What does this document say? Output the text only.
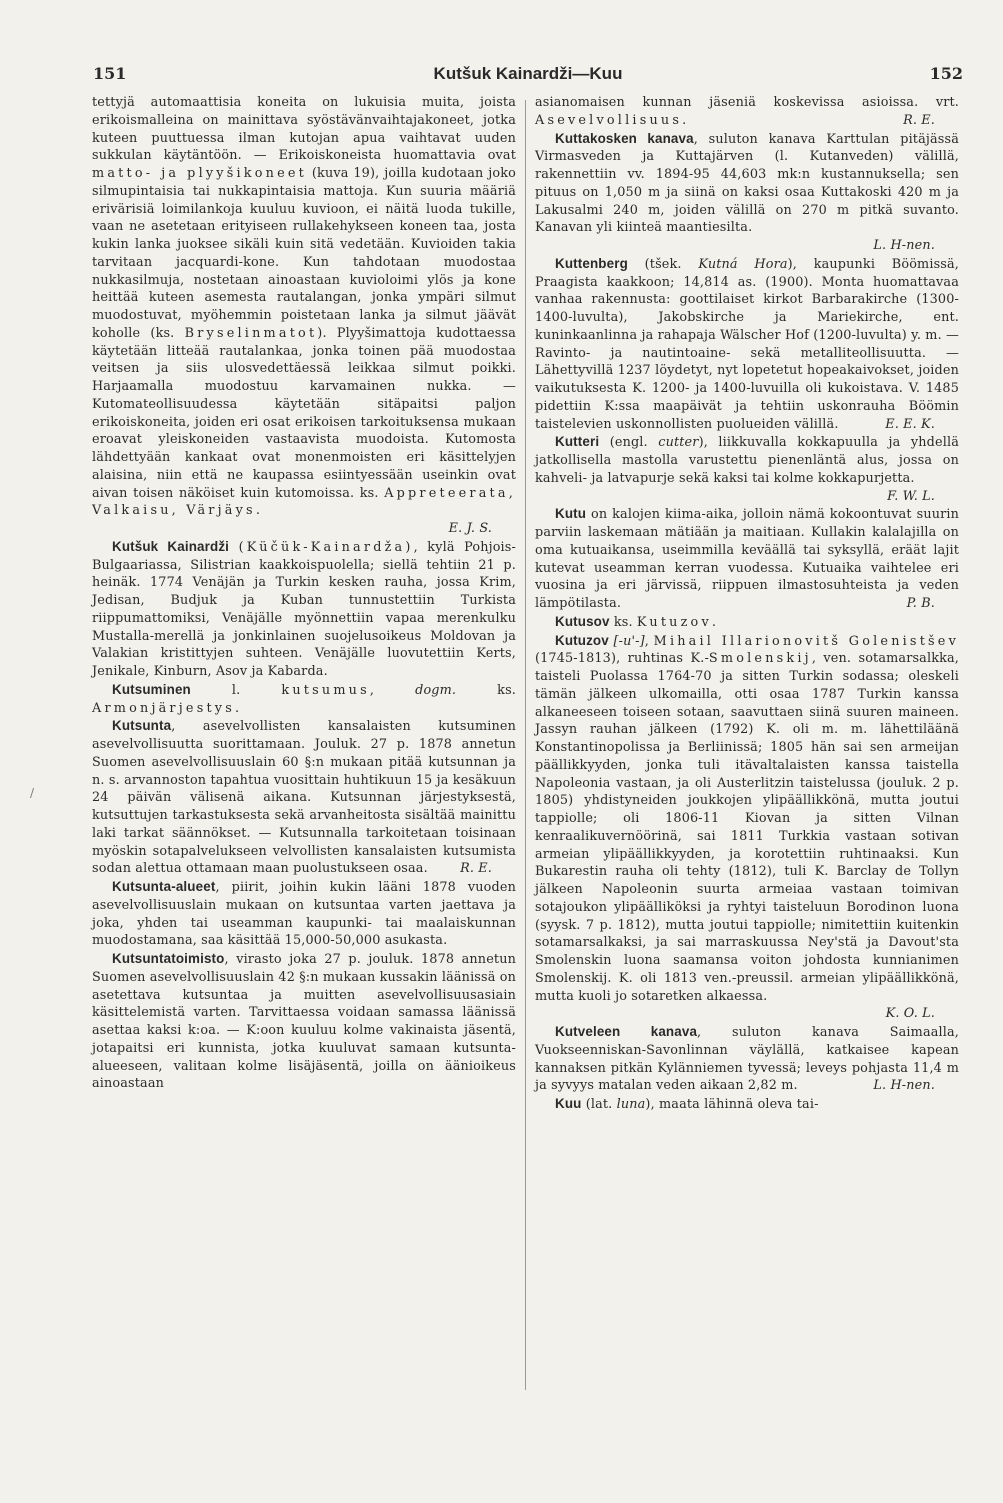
151	Kutšuk Kainardži—Kuu	152
/

tettyjä automaattisia koneita on lukuisia muita, joista erikoismalleina on mainittava syöstävänvaihtajakoneet, jotka kuteen puuttuessa ilman kutojan apua vaihtavat uuden sukkulan käytäntöön. — Erikoiskoneista huomattavia ovat matto- ja plyyšikoneet (kuva 19), joilla kudotaan joko silmupintaisia tai nukkapintaisia mattoja. Kun suuria määriä erivärisiä loimilankoja kuuluu kuvioon, ei näitä luoda tukille, vaan ne asetetaan erityiseen rullakehykseen koneen taa, josta kukin lanka juoksee sikäli kuin sitä vedetään. Kuvioiden takia tarvitaan jacquardi-kone. Kun tahdotaan muodostaa nukkasilmuja, nostetaan ainoastaan kuvioloimi ylös ja kone heittää kuteen asemesta rautalangan, jonka ympäri silmut muodostuvat, myöhemmin poistetaan lanka ja silmut jäävät koholle (ks. Bryselinmatot). Plyyšimattoja kudottaessa käytetään litteää rautalankaa, jonka toinen pää muodostaa veitsen ja siis ulosvedettäessä leikkaa silmut poikki. Harjaamalla muodostuu karvamainen nukka. — Kutomateollisuudessa käytetään sitäpaitsi paljon erikoiskoneita, joiden eri osat erikoisen tarkoituksensa mukaan eroavat yleiskoneiden vastaavista muodoista. Kutomosta lähdettyään kankaat ovat monenmoisten eri käsittelyjen alaisina, niin että ne kaupassa esiintyessään useinkin ovat aivan toisen näköiset kuin kutomoissa. ks. Appreteerata, Valkaisu, Värjäys.

E. J. S.

Kutšuk Kainardži (Küčük-Kainardža), kylä Pohjois-Bulgaariassa, Silistrian kaakkoispuolella; siellä tehtiin 21 p. heinäk. 1774 Venäjän ja Turkin kesken rauha, jossa Krim, Jedisan, Budjuk ja Kuban tunnustettiin Turkista riippumattomiksi, Venäjälle myönnettiin vapaa merenkulku Mustalla-merellä ja jonkinlainen suojelusoikeus Moldovan ja Valakian kristittyjen suhteen. Venäjälle luovutettiin Kerts, Jenikale, Kinburn, Asov ja Kabarda.

Kutsuminen	l.	kutsumus, dogm.	ks. Armonjärjestys.

Kutsunta, asevelvollisten kansalaisten kutsuminen asevelvollisuutta suorittamaan. Jouluk. 27 p. 1878 annetun Suomen asevelvollisuuslain 60 §:n mukaan pitää kutsunnan ja n. s. arvannoston tapahtua vuosittain huhtikuun 15 ja kesäkuun 24 päivän välisenä aikana. Kutsunnan järjestyksestä, kutsuttujen tarkastuksesta sekä arvanheitosta sisältää mainittu laki tarkat säännökset. — Kutsunnalla tarkoitetaan toisinaan myöskin sotapalvelukseen velvollisten kansalaisten kutsumista sodan alettua ottamaan maan puolustukseen osaa.	R. E.

Kutsunta-alueet, piirit, joihin kukin lääni 1878 vuoden asevelvollisuuslain mukaan on kutsuntaa varten jaettava ja joka, yhden tai useamman kaupunki- tai maalaiskunnan muodostamana, saa käsittää 15,000-50,000 asukasta.

Kutsuntatoimisto, virasto joka 27 p. jouluk. 1878 annetun Suomen asevelvollisuuslain 42 §:n mukaan kussakin läänissä on asetettava kutsuntaa ja muitten asevelvollisuusasiain käsittelemistä varten. Tarvittaessa voidaan samassa läänissä asettaa kaksi k:oa. — K:oon kuuluu kolme vakinaista jäsentä, jotapaitsi eri kunnista, jotka kuuluvat samaan kutsunta-alueeseen, valitaan kolme lisäjäsentä, joilla on äänioikeus ainoastaan

asianomaisen kunnan jäseniä koskevissa asioissa. vrt. Asevelvollisuus.	R. E.

Kuttakosken kanava, suluton kanava Karttulan pitäjässä Virmasveden ja Kuttajärven (l. Kutanveden) välillä, rakennettiin vv. 1894-95 44,603 mk:n kustannuksella; sen pituus on 1,050 m ja siinä on kaksi osaa Kuttakoski 420 m ja Lakusalmi 240 m, joiden välillä on 270 m pitkä suvanto. Kanavan yli kiinteä maantiesilta.

L. H-nen.

Kuttenberg (tšek. Kutná Hora), kaupunki Böömissä, Praagista kaakkoon; 14,814 as. (1900). Monta huomattavaa vanhaa rakennusta: goottilaiset kirkot Barbarakirche (1300-1400-luvulta), Jakobskirche ja Mariekirche, ent. kuninkaanlinna ja rahapaja Wälscher Hof (1200-luvulta) y. m. — Ravinto- ja nautintoaine- sekä metalliteollisuutta. — Lähettyvillä 1237 löydetyt, nyt lopetetut hopeakaivokset, joiden vaikutuksesta K. 1200- ja 1400-luvuilla oli kukoistava. V. 1485 pidettiin K:ssa maapäivät ja tehtiin uskonrauha Böömin taistelevien uskonnollisten puolueiden välillä.	E. E. K.

Kutteri (engl. cutter), liikkuvalla kokkapuulla ja yhdellä jatkollisella mastolla varustettu pienenläntä alus, jossa on kahveli- ja latvapurje sekä kaksi tai kolme kokkapurjetta.

F. W. L.

Kutu on kalojen kiima-aika, jolloin nämä kokoontuvat suurin parviin laskemaan mätiään ja maitiaan. Kullakin kalalajilla on oma kutuaikansa, useimmilla keväällä tai syksyllä, eräät lajit kutevat useamman kerran vuodessa. Kutuaika vaihtelee eri vuosina ja eri järvissä, riippuen ilmastosuhteista ja veden lämpötilasta.	P. B.

Kutusov ks. Kutuzov.

Kutuzov [-u'-], Mihail Illarionovitš Golenistšev (1745-1813), ruhtinas K.-Smolenskij, ven. sotamarsalkka, taisteli Puolassa 1764-70 ja sitten Turkin sodassa; oleskeli tämän jälkeen ulkomailla, otti osaa 1787 Turkin kanssa alkaneeseen toiseen sotaan, saavuttaen siinä suuren maineen. Jassyn rauhan jälkeen (1792) K. oli m. m. lähettiläänä Konstantinopolissa ja Berliinissä; 1805 hän sai sen armeijan päällikkyyden, jonka tuli itävaltalaisten kanssa taistella Napoleonia vastaan, ja oli Austerlitzin taistelussa (jouluk. 2 p. 1805) yhdistyneiden joukkojen ylipäällikkönä, mutta joutui tappiolle; oli 1806-11 Kiovan ja sitten Vilnan kenraalikuvernöörinä, sai 1811 Turkkia vastaan sotivan armeian ylipäällikkyyden, ja korotettiin ruhtinaaksi. Kun Bukarestin rauha oli tehty (1812), tuli K. Barclay de Tollyn jälkeen Napoleonin suurta armeiaa vastaan toimivan sotajoukon ylipäälliköksi ja ryhtyi taisteluun Borodinon luona (syysk. 7 p. 1812), mutta joutui tappiolle; nimitettiin kuitenkin sotamarsalkaksi, ja sai marraskuussa Ney'stä ja Davout'sta Smolenskin luona saamansa voiton johdosta kunnianimen Smolenskij. K. oli 1813 ven.-preussil. armeian ylipäällikkönä, mutta kuoli jo sotaretken alkaessa.

K. O. L.

Kutveleen kanava, suluton kanava Saimaalla, Vuokseenniskan-Savonlinnan väylällä, katkaisee kapean kannaksen pitkän Kylänniemen tyvessä; leveys pohjasta 11,4 m ja syvyys matalan veden aikaan 2,82 m.	L. H-nen.

Kuu (lat. luna), maata lähinnä oleva tai-
